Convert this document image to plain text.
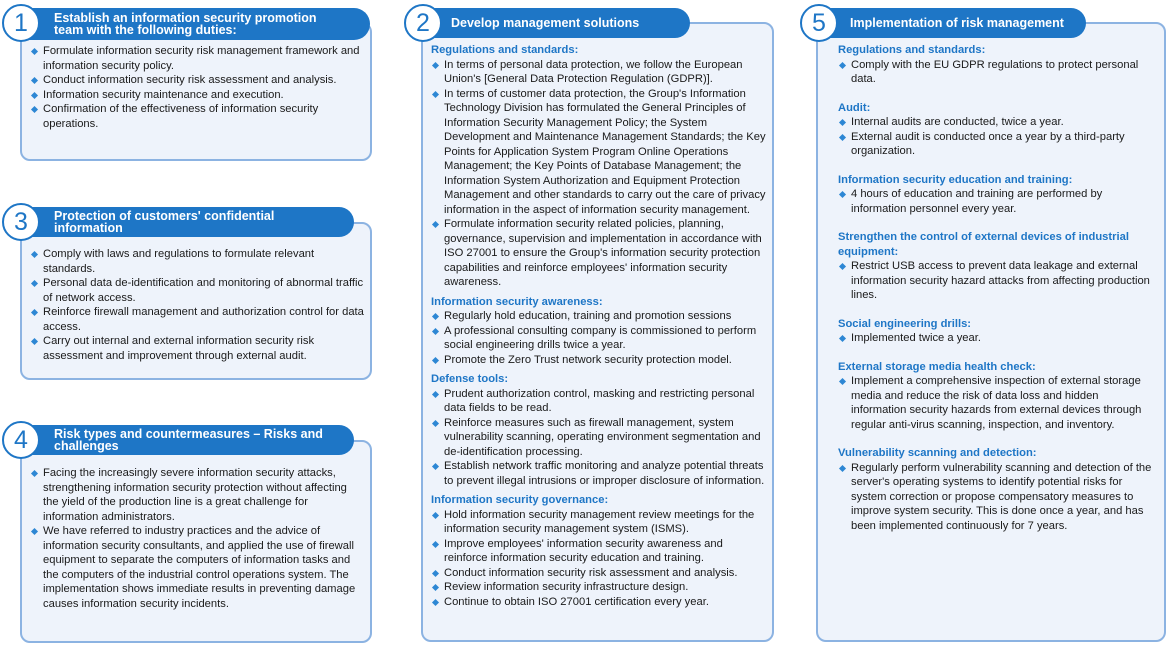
Establish an information security promotion team with the following duties:
1
Formulate information security risk management framework and information security policy.
Conduct information security risk assessment and analysis.
Information security maintenance and execution.
Confirmation of the effectiveness of information security operations.
Protection of customers' confidential information
3
Comply with laws and regulations to formulate relevant standards.
Personal data de-identification and monitoring of abnormal traffic of network access.
Reinforce firewall management and authorization control for data access.
Carry out internal and external information security risk assessment and improvement through external audit.
Risk types and countermeasures – Risks and challenges
4
Facing the increasingly severe information security attacks, strengthening information security protection without affecting the yield of the production line is a great challenge for information administrators.
We have referred to industry practices and the advice of information security consultants, and applied the use of firewall equipment to separate the computers of information tasks and the computers of the industrial control operations system. The implementation shows immediate results in preventing damage causes information security incidents.
Develop management solutions
2
Regulations and standards:
In terms of personal data protection, we follow the European Union's [General Data Protection Regulation (GDPR)].
In terms of customer data protection, the Group's Information Technology Division has formulated the General Principles of Information Security Management Policy; the System Development and Maintenance Management Standards; the Key Points for Application System Program Online Operations Management; the Key Points of Database Management; the Information System Authorization and Equipment Protection Management and other standards to carry out the care of privacy information in the aspect of information security management.
Formulate information security related policies, planning, governance, supervision and implementation in accordance with ISO 27001 to ensure the Group's information security protection capabilities and reinforce employees' information security awareness.
Information security awareness:
Regularly hold education, training and promotion sessions
A professional consulting company is commissioned to perform social engineering drills twice a year.
Promote the Zero Trust network security protection model.
Defense tools:
Prudent authorization control, masking and restricting personal data fields to be read.
Reinforce measures such as firewall management, system vulnerability scanning, operating environment segmentation and de-identification processing.
Establish network traffic monitoring and analyze potential threats to prevent illegal intrusions or improper disclosure of information.
Information security governance:
Hold information security management review meetings for the information security management system (ISMS).
Improve employees' information security awareness and reinforce information security education and training.
Conduct information security risk assessment and analysis.
Review information security infrastructure design.
Continue to obtain ISO 27001 certification every year.
Implementation of risk management
5
Regulations and standards:
Comply with the EU GDPR regulations to protect personal data.
Audit:
Internal audits are conducted, twice a year.
External audit is conducted once a year by a third-party organization.
Information security education and training:
4 hours of education and training are performed by information personnel every year.
Strengthen the control of external devices of industrial equipment:
Restrict USB access to prevent data leakage and external information security hazard attacks from affecting production lines.
Social engineering drills:
Implemented twice a year.
External storage media health check:
Implement a comprehensive inspection of external storage media and reduce the risk of data loss and hidden information security hazards from external devices through regular anti-virus scanning, inspection, and inventory.
Vulnerability scanning and detection:
Regularly perform vulnerability scanning and detection of the server's operating systems to identify potential risks for system correction or propose compensatory measures to improve system security. This is done once a year, and has been implemented continuously for 7 years.
